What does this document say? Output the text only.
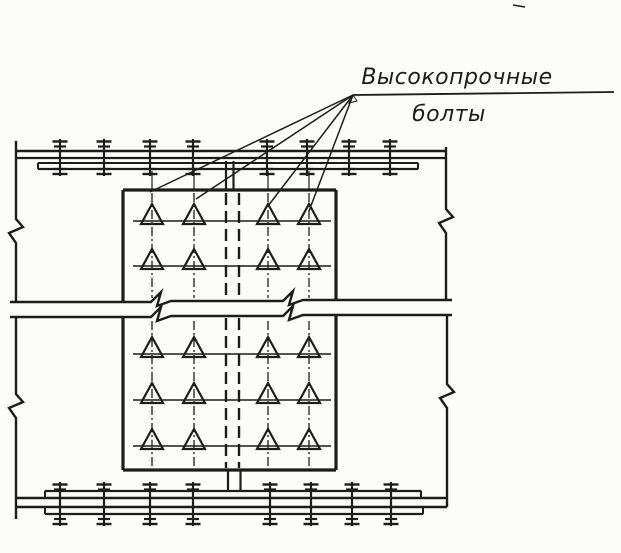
Высокопрочные
болты
